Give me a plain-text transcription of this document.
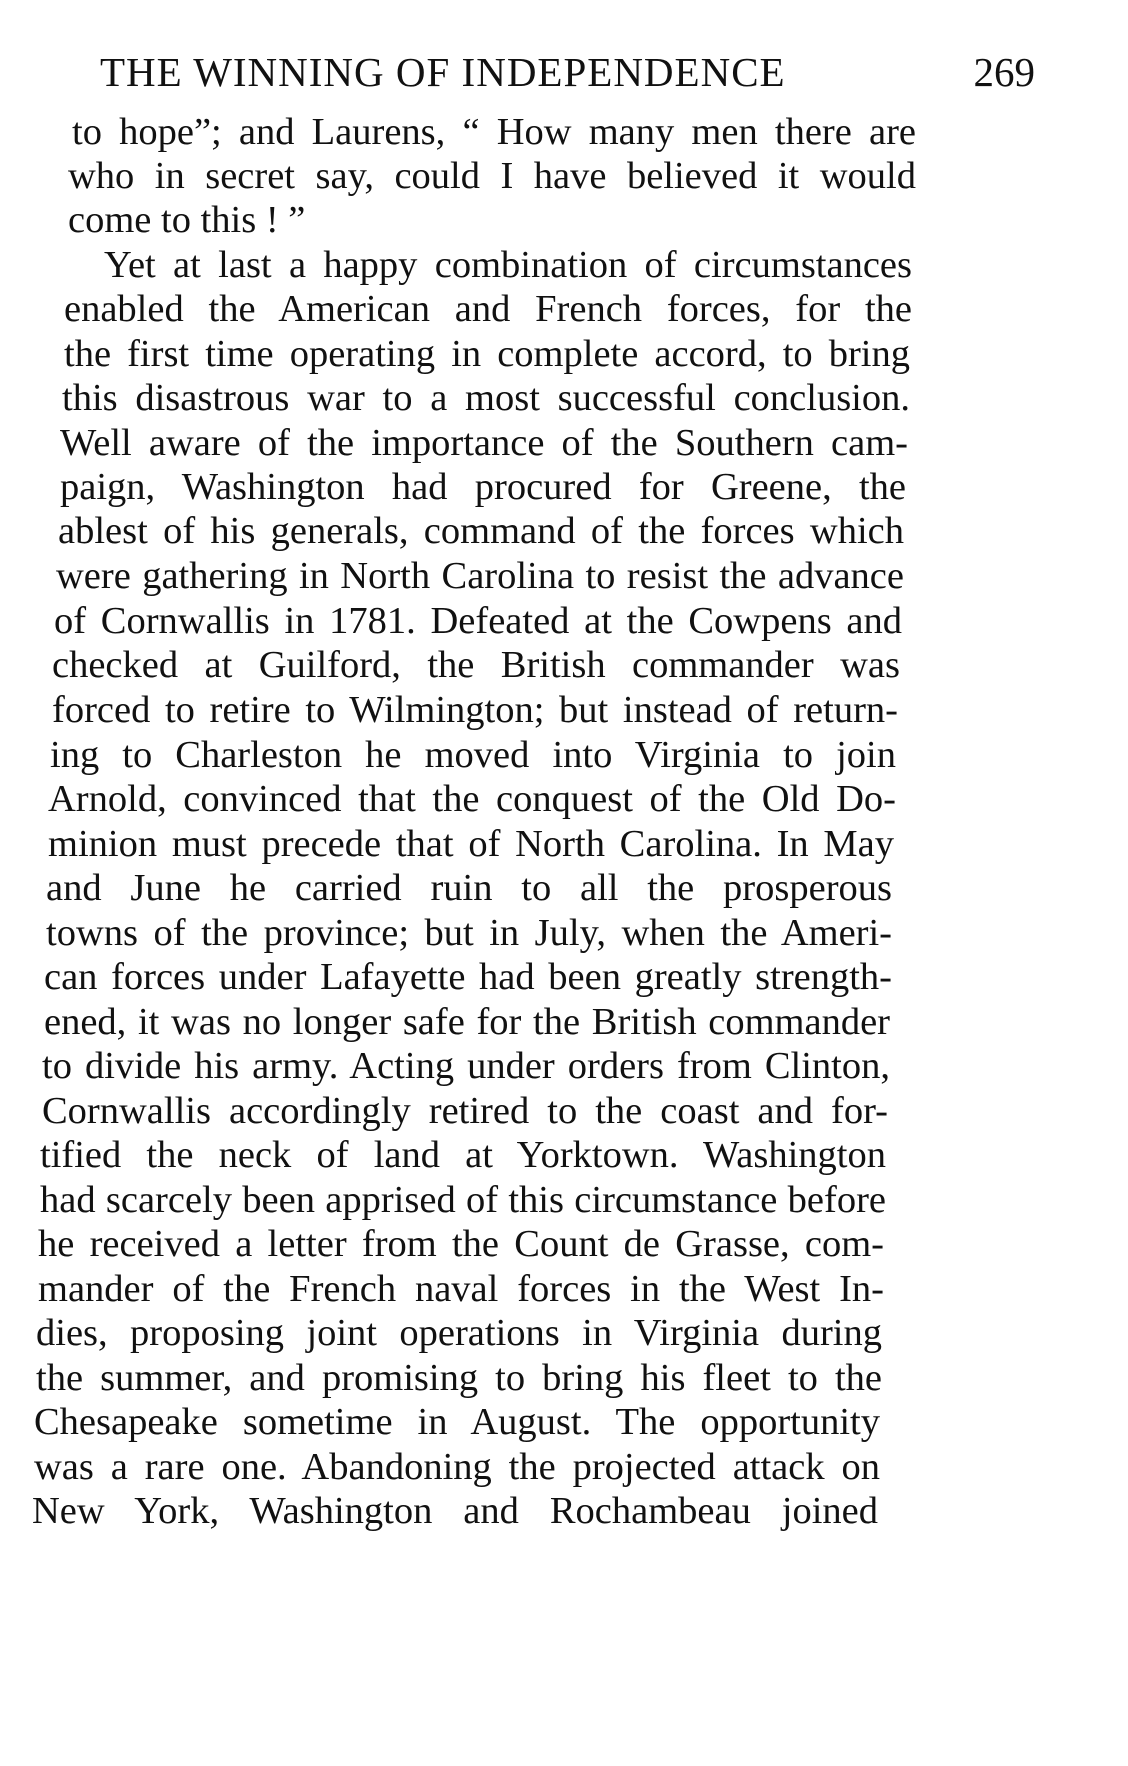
THE WINNING OF INDEPENDENCE	269
to hope”; and Laurens, “ How many men there are
who in secret say, could I have believed it would
come to this ! ”
Yet at last a happy combination of circumstances
enabled the American and French forces, for the
the first time operating in complete accord, to bring
this disastrous war to a most successful conclusion.
Well aware of the importance of the Southern cam-
paign, Washington had procured for Greene, the
ablest of his generals, command of the forces which
were gathering in North Carolina to resist the advance
of Cornwallis in 1781. Defeated at the Cowpens and
checked at Guilford, the British commander was
forced to retire to Wilmington; but instead of return-
ing to Charleston he moved into Virginia to join
Arnold, convinced that the conquest of the Old Do-
minion must precede that of North Carolina. In May
and June he carried ruin to all the prosperous
towns of the province; but in July, when the Ameri-
can forces under Lafayette had been greatly strength-
ened, it was no longer safe for the British commander
to divide his army. Acting under orders from Clinton,
Cornwallis accordingly retired to the coast and for-
tified the neck of land at Yorktown. Washington
had scarcely been apprised of this circumstance before
he received a letter from the Count de Grasse, com-
mander of the French naval forces in the West In-
dies, proposing joint operations in Virginia during
the summer, and promising to bring his fleet to the
Chesapeake sometime in August. The opportunity
was a rare one. Abandoning the projected attack on
New York, Washington and Rochambeau joined
